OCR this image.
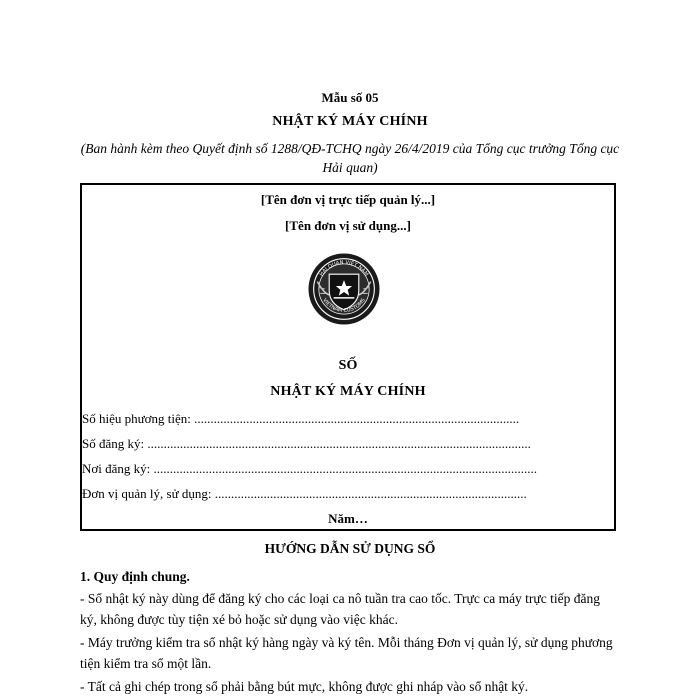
Mẫu số 05
NHẬT KÝ MÁY CHÍNH
(Ban hành kèm theo Quyết định số 1288/QĐ-TCHQ ngày 26/4/2019 của Tổng cục trưởng Tổng cục Hải quan)
[Tên đơn vị trực tiếp quản lý...]
[Tên đơn vị sử dụng...]
HẢI QUAN VIỆT NAM
VIETNAM CUSTOMS
SỐ
NHẬT KÝ MÁY CHÍNH
Số hiệu phương tiện: ....................................................................................................
Số đăng ký: ......................................................................................................................
Nơi đăng ký: ......................................................................................................................
Đơn vị quản lý, sử dụng: ................................................................................................
Năm…
HƯỚNG DẪN SỬ DỤNG SỔ
1. Quy định chung.
- Sổ nhật ký này dùng để đăng ký cho các loại ca nô tuần tra cao tốc. Trực ca máy trực tiếp đăng ký, không được tùy tiện xé bỏ hoặc sử dụng vào việc khác.
- Máy trưởng kiểm tra sổ nhật ký hàng ngày và ký tên. Mỗi tháng Đơn vị quản lý, sử dụng phương tiện kiểm tra sổ một lần.
- Tất cả ghi chép trong sổ phải bằng bút mực, không được ghi nháp vào sổ nhật ký.
